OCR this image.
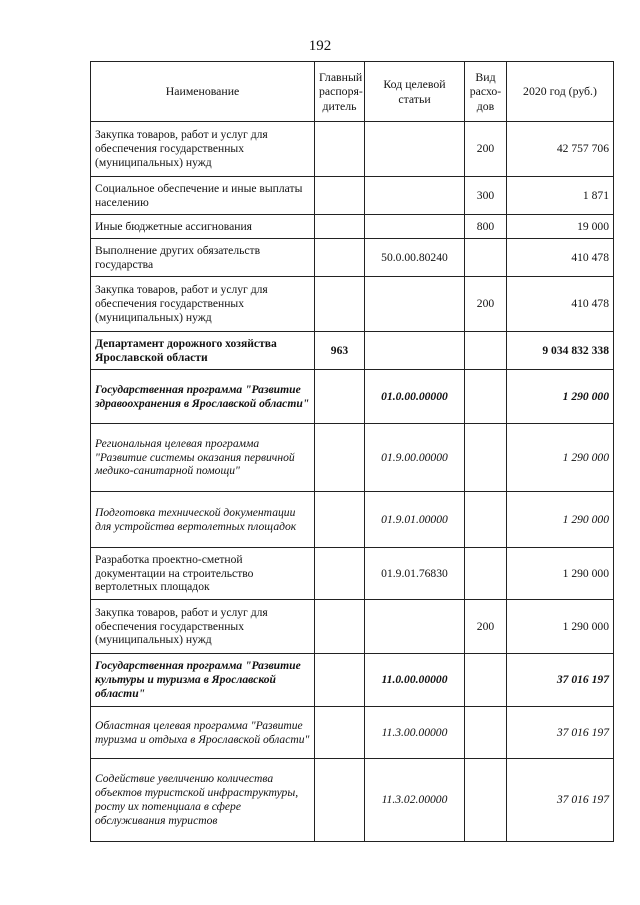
192
Наименование	Главный распоря-дитель	Код целевой статьи	Вид расхо-дов	2020 год (руб.)
Закупка товаров, работ и услуг для обеспечения государственных (муниципальных) нужд			200	42 757 706
Социальное обеспечение и иные выплаты населению			300	1 871
Иные бюджетные ассигнования			800	19 000
Выполнение других обязательств государства		50.0.00.80240		410 478
Закупка товаров, работ и услуг для обеспечения государственных (муниципальных) нужд			200	410 478
Департамент дорожного хозяйства Ярославской области	963			9 034 832 338
Государственная программа "Развитие здравоохранения в Ярославской области"		01.0.00.00000		1 290 000
Региональная целевая программа "Развитие системы оказания первичной медико-санитарной помощи"		01.9.00.00000		1 290 000
Подготовка технической документации для устройства вертолетных площадок		01.9.01.00000		1 290 000
Разработка проектно-сметной документации на строительство вертолетных площадок		01.9.01.76830		1 290 000
Закупка товаров, работ и услуг для обеспечения государственных (муниципальных) нужд			200	1 290 000
Государственная программа "Развитие культуры и туризма в Ярославской области"		11.0.00.00000		37 016 197
Областная целевая программа "Развитие туризма и отдыха в Ярославской области"		11.3.00.00000		37 016 197
Содействие увеличению количества объектов туристской инфраструктуры, росту их потенциала в сфере обслуживания туристов		11.3.02.00000		37 016 197
